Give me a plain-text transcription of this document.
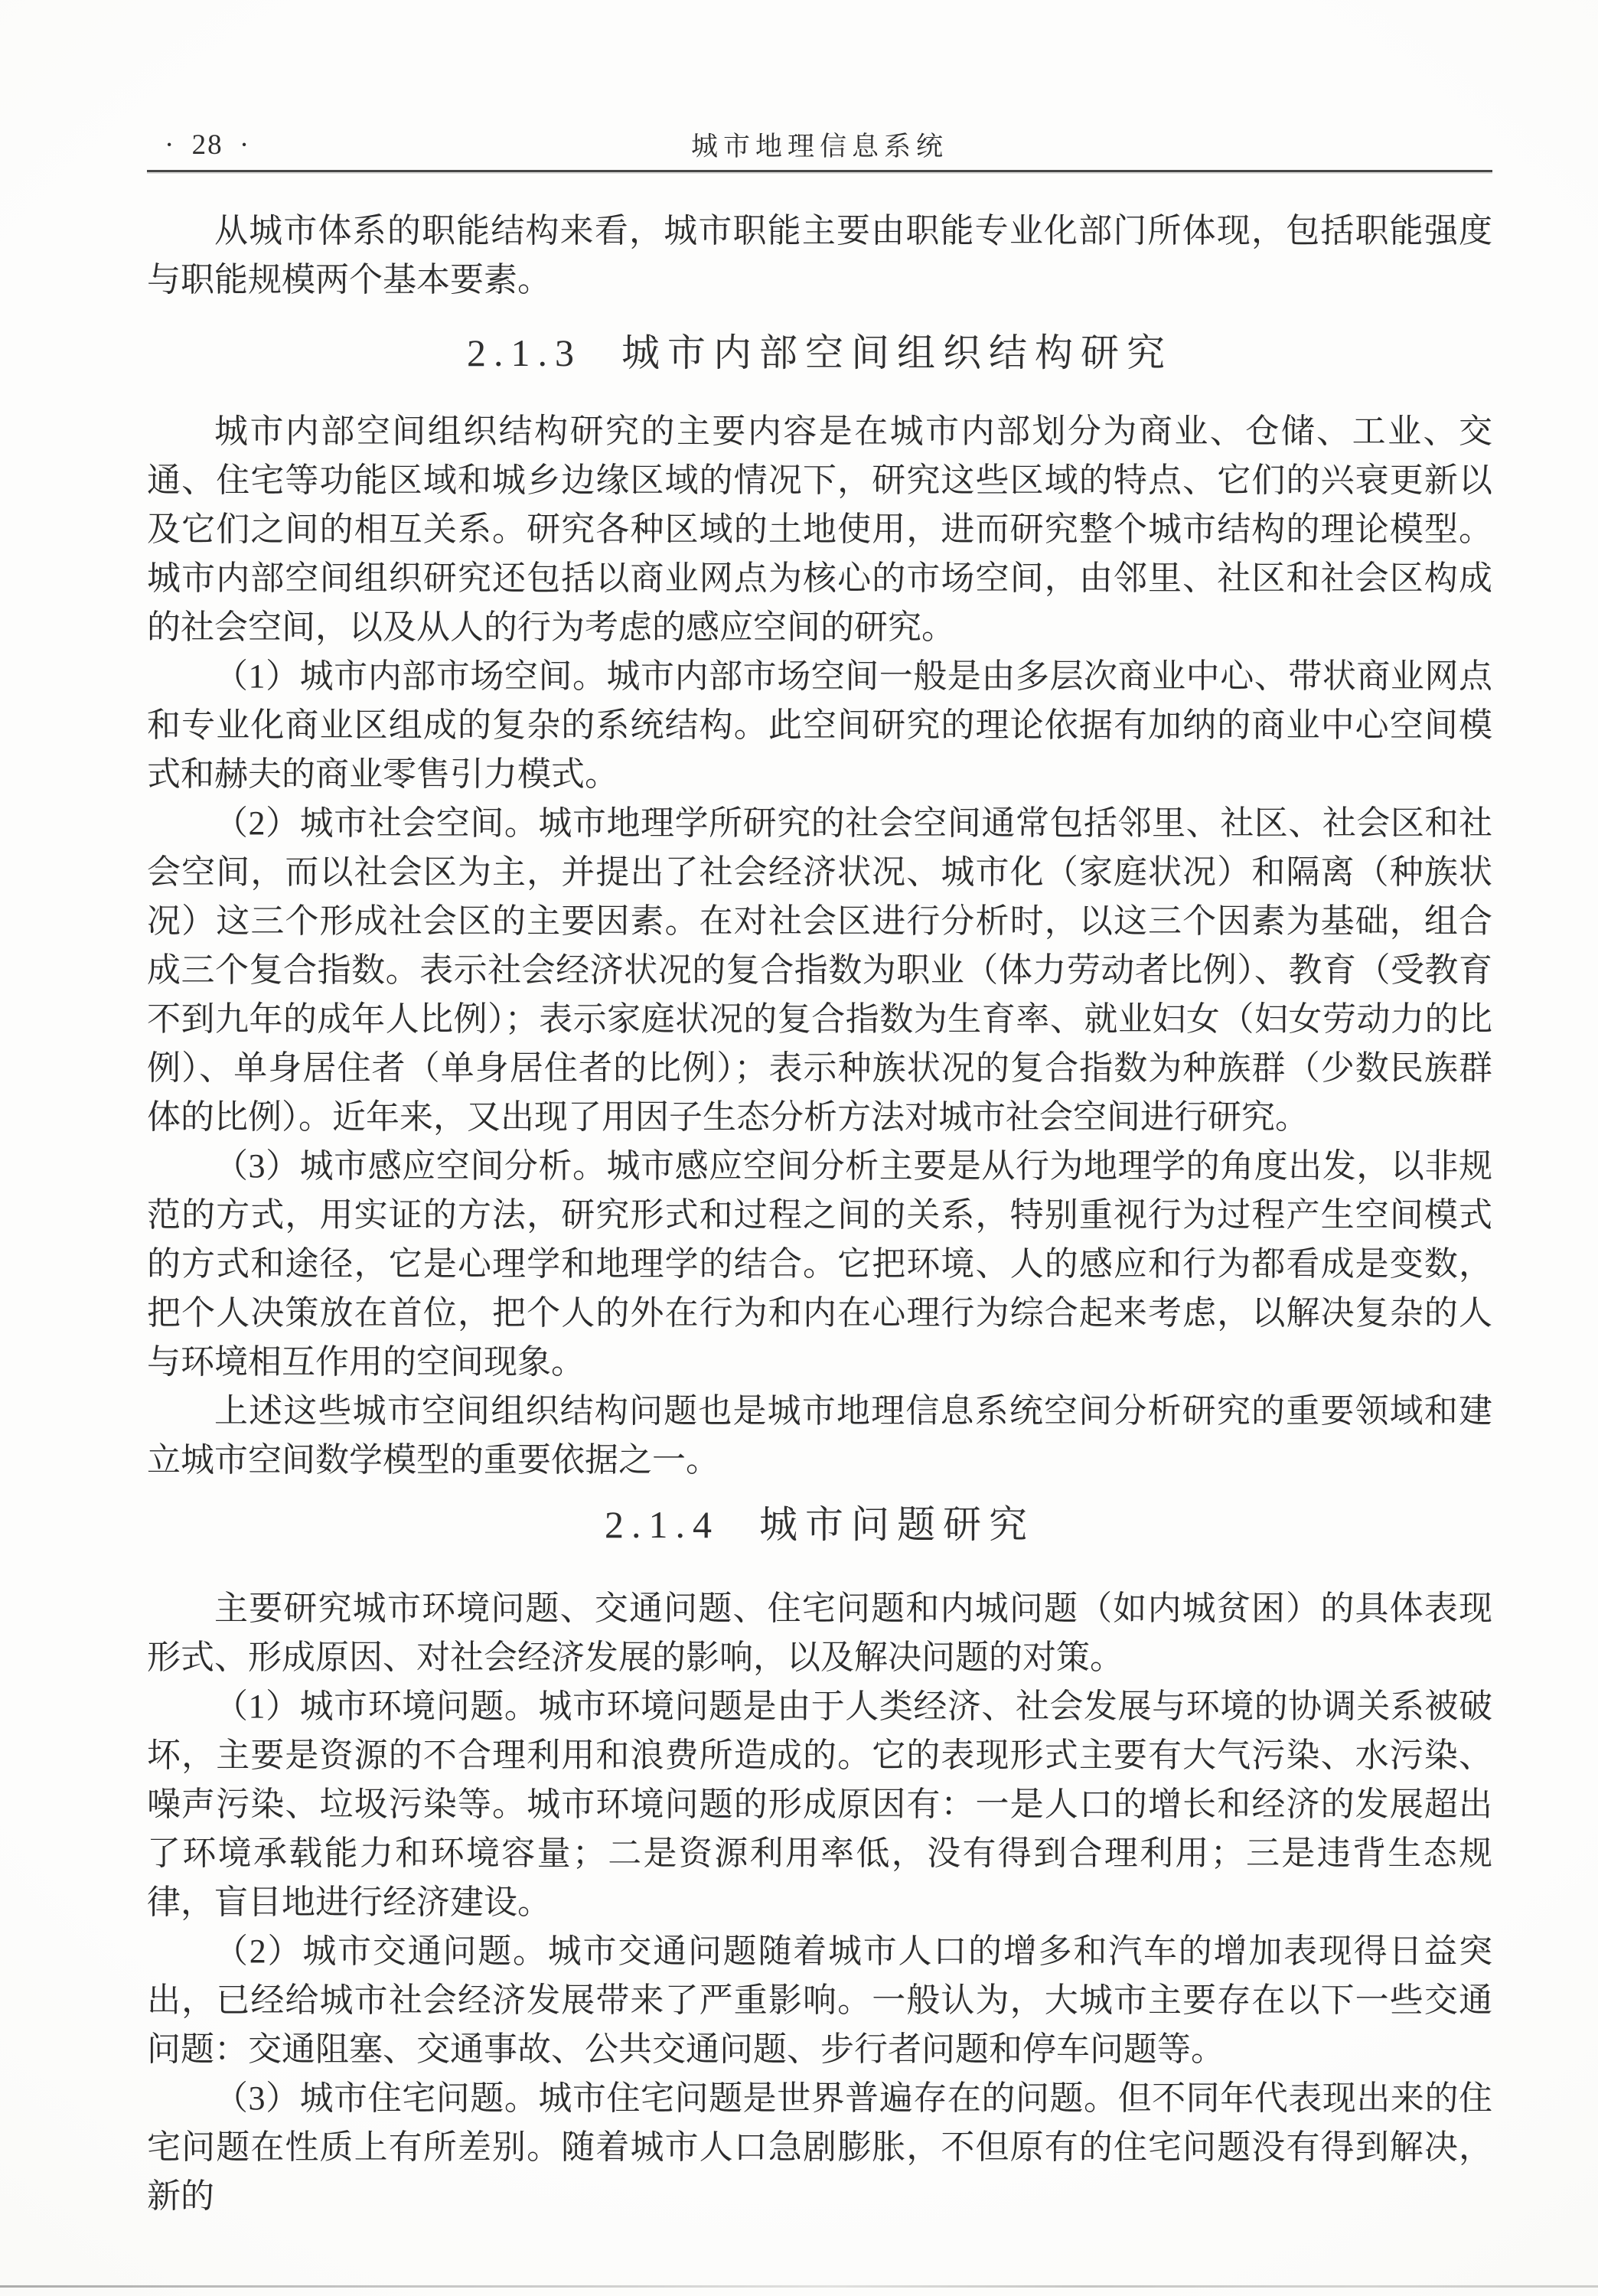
· 28 ·	城市地理信息系统

从城市体系的职能结构来看，城市职能主要由职能专业化部门所体现，包括职能强度与职能规模两个基本要素。

2.1.3 城市内部空间组织结构研究

城市内部空间组织结构研究的主要内容是在城市内部划分为商业、仓储、工业、交通、住宅等功能区域和城乡边缘区域的情况下，研究这些区域的特点、它们的兴衰更新以及它们之间的相互关系。研究各种区域的土地使用，进而研究整个城市结构的理论模型。城市内部空间组织研究还包括以商业网点为核心的市场空间，由邻里、社区和社会区构成的社会空间，以及从人的行为考虑的感应空间的研究。

（1）城市内部市场空间。城市内部市场空间一般是由多层次商业中心、带状商业网点和专业化商业区组成的复杂的系统结构。此空间研究的理论依据有加纳的商业中心空间模式和赫夫的商业零售引力模式。

（2）城市社会空间。城市地理学所研究的社会空间通常包括邻里、社区、社会区和社会空间，而以社会区为主，并提出了社会经济状况、城市化（家庭状况）和隔离（种族状况）这三个形成社会区的主要因素。在对社会区进行分析时，以这三个因素为基础，组合成三个复合指数。表示社会经济状况的复合指数为职业（体力劳动者比例）、教育（受教育不到九年的成年人比例）；表示家庭状况的复合指数为生育率、就业妇女（妇女劳动力的比例）、单身居住者（单身居住者的比例）；表示种族状况的复合指数为种族群（少数民族群体的比例）。近年来，又出现了用因子生态分析方法对城市社会空间进行研究。

（3）城市感应空间分析。城市感应空间分析主要是从行为地理学的角度出发，以非规范的方式，用实证的方法，研究形式和过程之间的关系，特别重视行为过程产生空间模式的方式和途径，它是心理学和地理学的结合。它把环境、人的感应和行为都看成是变数，把个人决策放在首位，把个人的外在行为和内在心理行为综合起来考虑，以解决复杂的人与环境相互作用的空间现象。

上述这些城市空间组织结构问题也是城市地理信息系统空间分析研究的重要领域和建立城市空间数学模型的重要依据之一。

2.1.4 城市问题研究

主要研究城市环境问题、交通问题、住宅问题和内城问题（如内城贫困）的具体表现形式、形成原因、对社会经济发展的影响，以及解决问题的对策。

（1）城市环境问题。城市环境问题是由于人类经济、社会发展与环境的协调关系被破坏，主要是资源的不合理利用和浪费所造成的。它的表现形式主要有大气污染、水污染、噪声污染、垃圾污染等。城市环境问题的形成原因有：一是人口的增长和经济的发展超出了环境承载能力和环境容量；二是资源利用率低，没有得到合理利用；三是违背生态规律，盲目地进行经济建设。

（2）城市交通问题。城市交通问题随着城市人口的增多和汽车的增加表现得日益突出，已经给城市社会经济发展带来了严重影响。一般认为，大城市主要存在以下一些交通问题：交通阻塞、交通事故、公共交通问题、步行者问题和停车问题等。

（3）城市住宅问题。城市住宅问题是世界普遍存在的问题。但不同年代表现出来的住宅问题在性质上有所差别。随着城市人口急剧膨胀，不但原有的住宅问题没有得到解决，新的
